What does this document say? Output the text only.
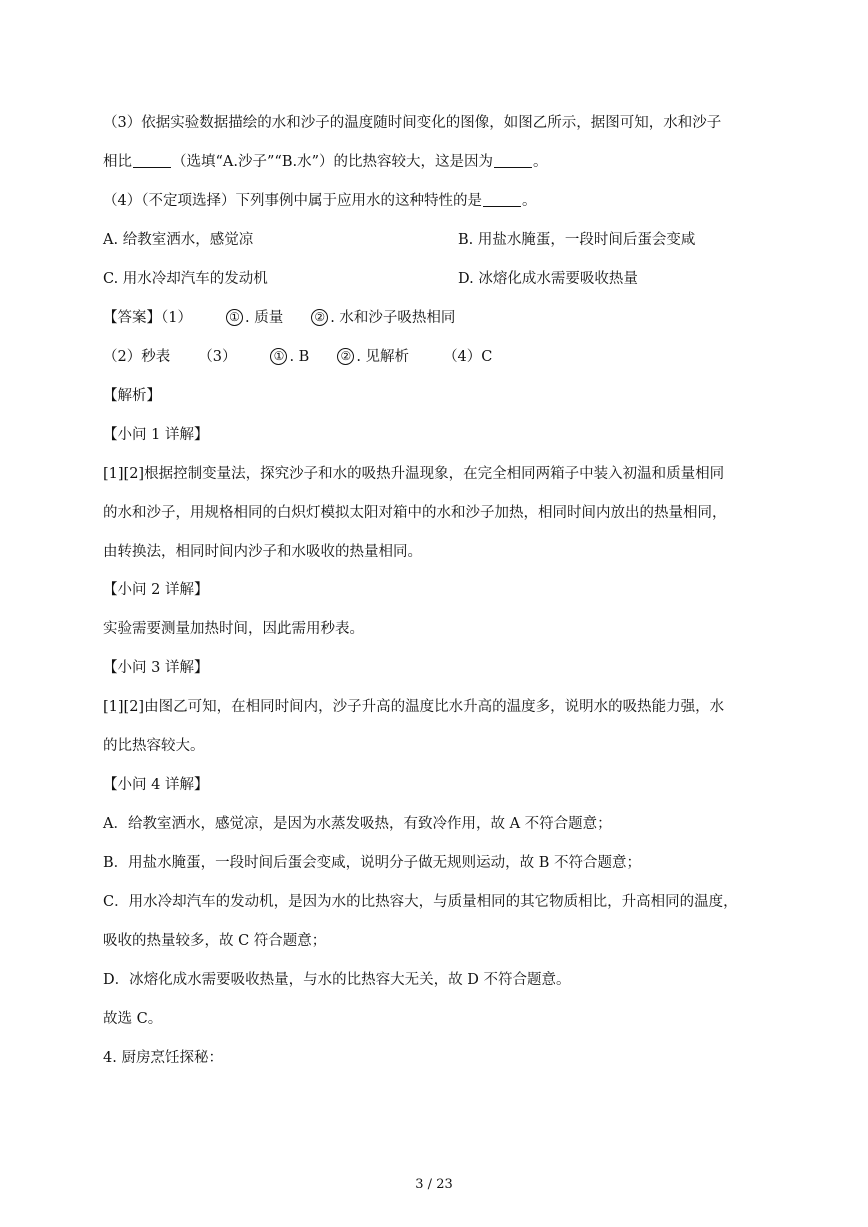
（3）依据实验数据描绘的水和沙子的温度随时间变化的图像，如图乙所示，据图可知，水和沙子
相比	（选填“A.沙子”“B.水”）的比热容较大，这是因为	。
（4）（不定项选择）下列事例中属于应用水的这种特性的是	。
A. 给教室洒水，感觉凉	B. 用盐水腌蛋，一段时间后蛋会变咸
C. 用水冷却汽车的发动机	D. 冰熔化成水需要吸收热量
【答案】（1）	① . 质量	② . 水和沙子吸热相同
（2）秒表 （3）	① . B	② . 见解析 （4）C
【解析】
【小问 1 详解】
[1][2]根据控制变量法，探究沙子和水的吸热升温现象，在完全相同两箱子中装入初温和质量相同
的水和沙子，用规格相同的白炽灯模拟太阳对箱中的水和沙子加热，相同时间内放出的热量相同，
由转换法，相同时间内沙子和水吸收的热量相同。
【小问 2 详解】
实验需要测量加热时间，因此需用秒表。
【小问 3 详解】
[1][2]由图乙可知，在相同时间内，沙子升高的温度比水升高的温度多，说明水的吸热能力强，水
的比热容较大。
【小问 4 详解】
A．给教室洒水，感觉凉，是因为水蒸发吸热，有致冷作用，故 A 不符合题意；
B．用盐水腌蛋，一段时间后蛋会变咸，说明分子做无规则运动，故 B 不符合题意；
C．用水冷却汽车的发动机，是因为水的比热容大，与质量相同的其它物质相比，升高相同的温度，
吸收的热量较多，故 C 符合题意；
D．冰熔化成水需要吸收热量，与水的比热容大无关，故 D 不符合题意。
故选 C。
4. 厨房烹饪探秘：
3 / 23
